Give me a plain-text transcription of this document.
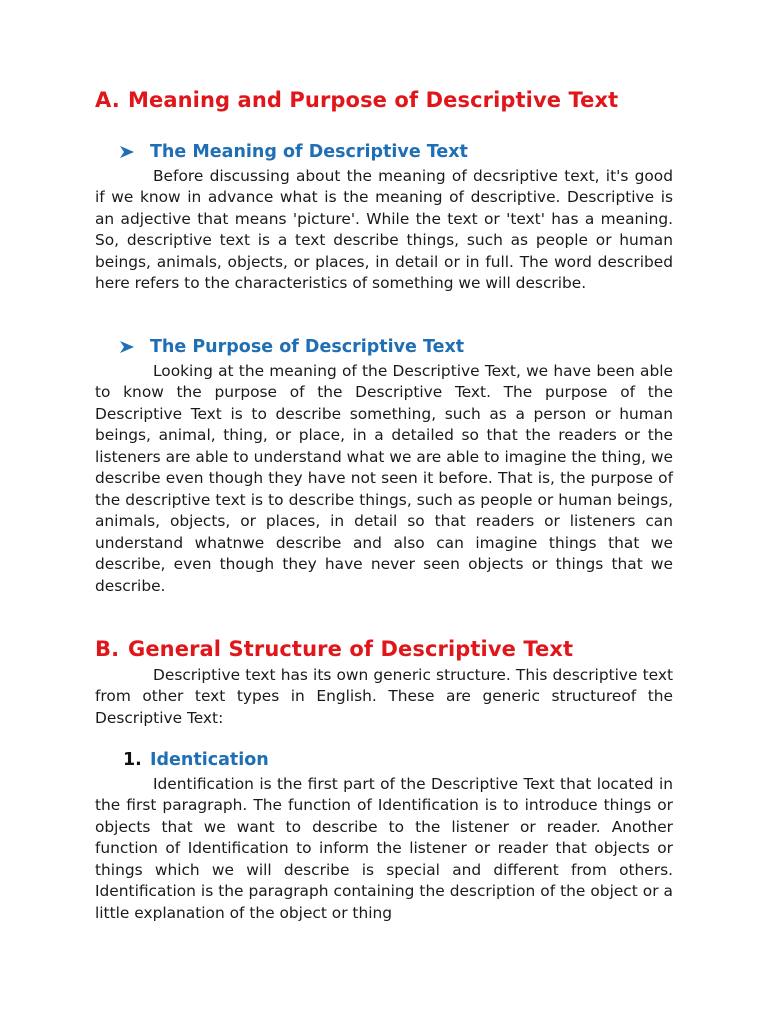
A. Meaning and Purpose of Descriptive Text
The Meaning of Descriptive Text

Before discussing about the meaning of decsriptive text, it's good if we know in advance what is the meaning of descriptive. Descriptive is an adjective that means 'picture'. While the text or 'text' has a meaning. So, descriptive text is a text describe things, such as people or human beings, animals, objects, or places, in detail or in full. The word described here refers to the characteristics of something we will describe.

The Purpose of Descriptive Text

Looking at the meaning of the Descriptive Text, we have been able to know the purpose of the Descriptive Text. The purpose of the Descriptive Text is to describe something, such as a person or human beings, animal, thing, or place, in a detailed so that the readers or the listeners are able to understand what we are able to imagine the thing, we describe even though they have not seen it before. That is, the purpose of the descriptive text is to describe things, such as people or human beings, animals, objects, or places, in detail so that readers or listeners can understand whatnwe describe and also can imagine things that we describe, even though they have never seen objects or things that we describe.

B. General Structure of Descriptive Text

Descriptive text has its own generic structure. This descriptive text from other text types in English. These are generic structureof the Descriptive Text:

1. Identication

Identification is the first part of the Descriptive Text that located in the first paragraph. The function of Identification is to introduce things or objects that we want to describe to the listener or reader. Another function of Identification to inform the listener or reader that objects or things which we will describe is special and different from others. Identification is the paragraph containing the description of the object or a little explanation of the object or thing
